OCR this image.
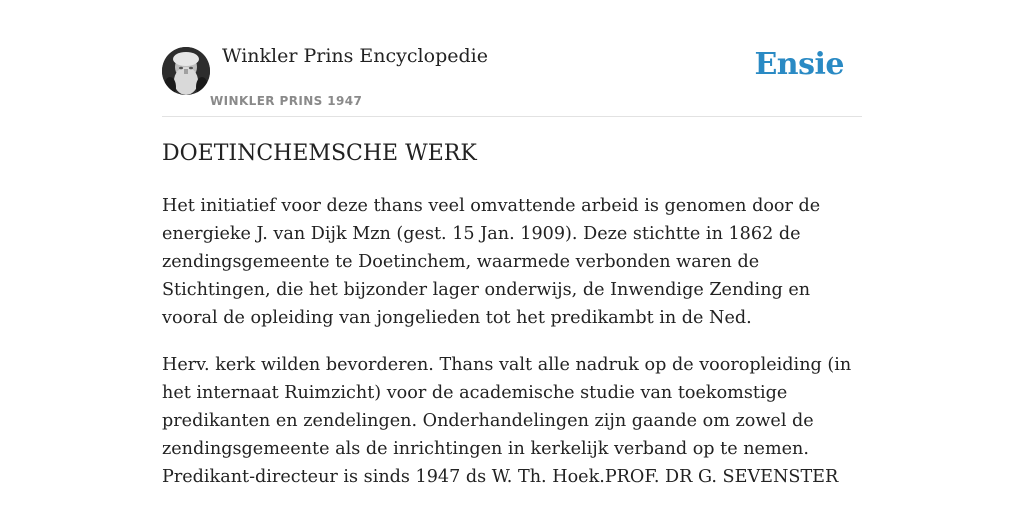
Winkler Prins Encyclopedie
WINKLER PRINS 1947
Ensie
DOETINCHEMSCHE WERK

Het initiatief voor deze thans veel omvattende arbeid is genomen door de energieke J. van Dijk Mzn (gest. 15 Jan. 1909). Deze stichtte in 1862 de zendingsgemeente te Doetinchem, waarmede verbonden waren de Stichtingen, die het bijzonder lager onderwijs, de Inwendige Zending en vooral de opleiding van jongelieden tot het predikambt in de Ned.

Herv. kerk wilden bevorderen. Thans valt alle nadruk op de vooropleiding (in het internaat Ruimzicht) voor de academische studie van toekomstige predikanten en zendelingen. Onderhandelingen zijn gaande om zowel de zendingsgemeente als de inrichtingen in kerkelijk verband op te nemen. Predikant-directeur is sinds 1947 ds W. Th. Hoek.PROF. DR G. SEVENSTER
